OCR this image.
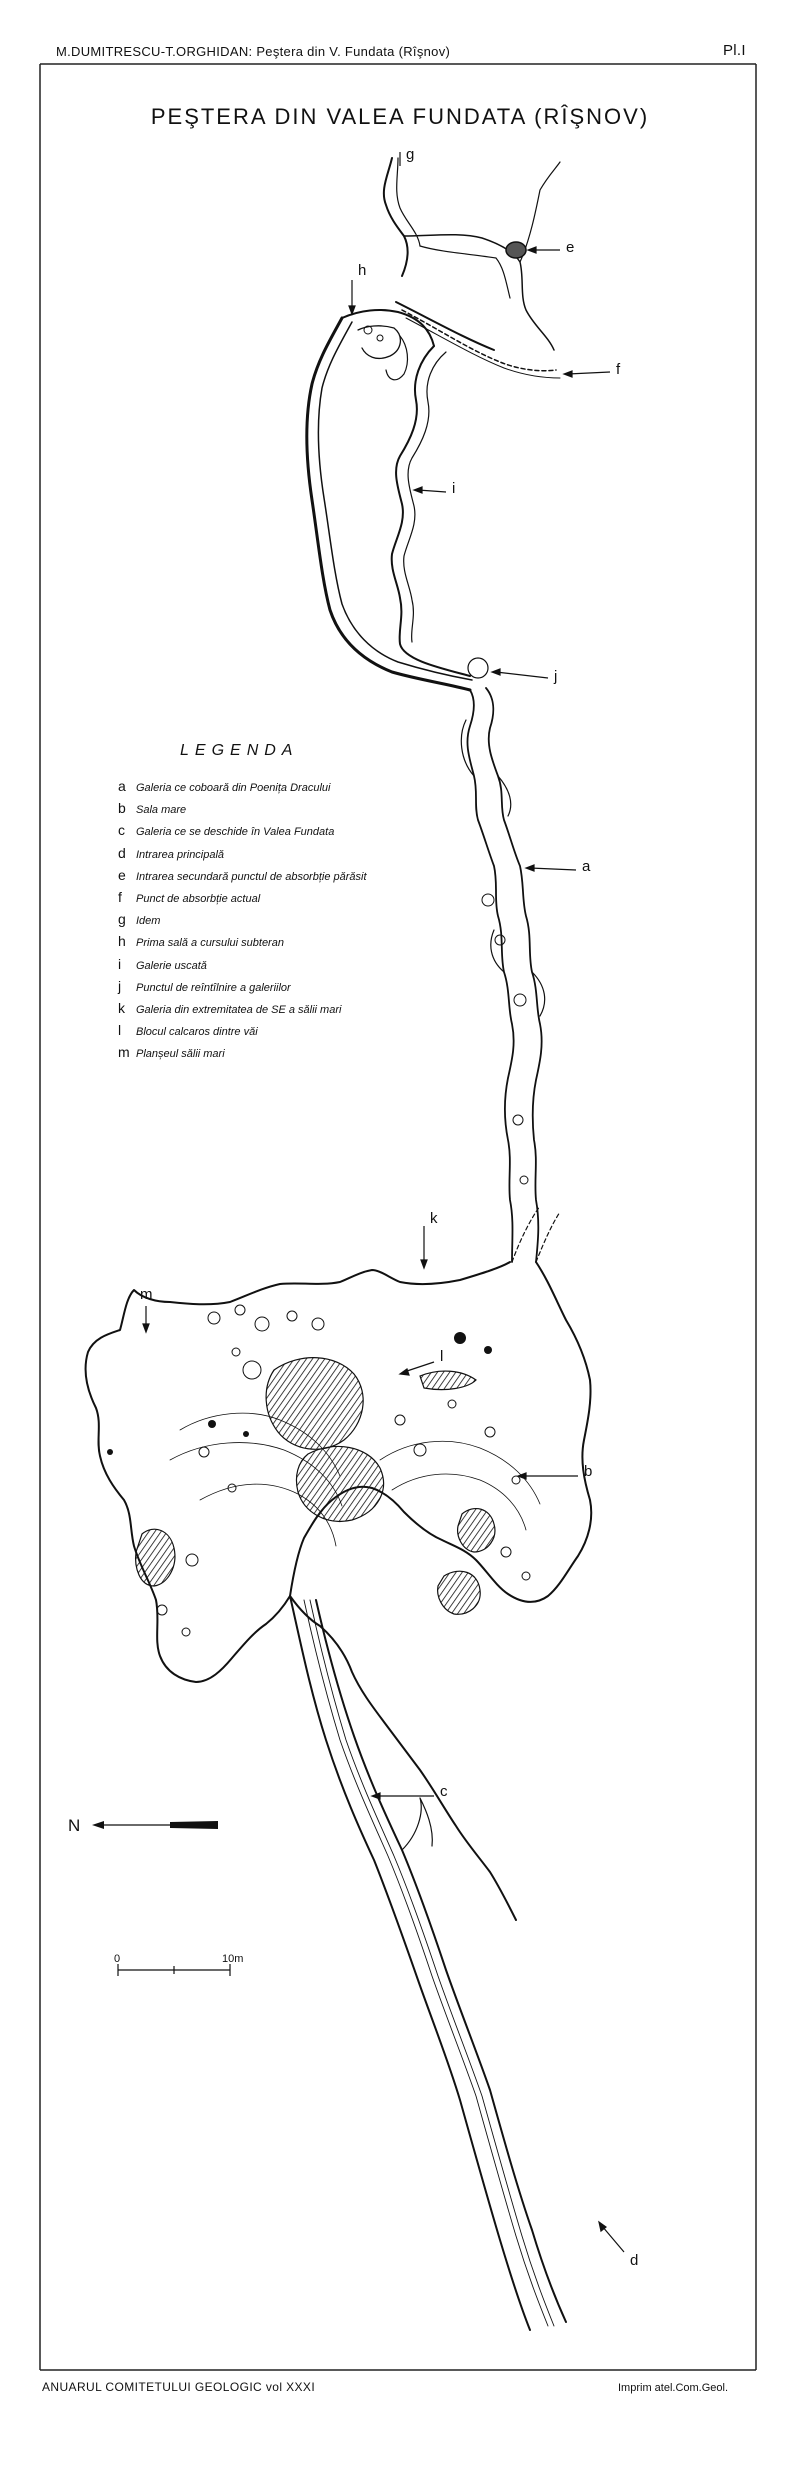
M.DUMITRESCU-T.ORGHIDAN: Peştera din V. Fundata (Rîşnov)	Pl.I
PEŞTERA DIN VALEA FUNDATA (RÎŞNOV)
LEGENDA
a Galeria ce coboară din Poenița Dracului
b Sala mare
c	Galeria ce se deschide în Valea Fundata
d Intrarea principală
e Intrarea secundară punctul de absorbție părăsit
f	Punct de absorbție actual
g Idem
h Prima sală a cursului subteran
i	Galerie uscată
j	Punctul de reîntîlnire a galeriilor
k	Galeria din extremitatea de SE a sălii mari
l	Blocul calcaros dintre văi
m Planșeul sălii mari
g
e
f
h
i
j
a
k
l
m
b
c
d
N
0	10m
ANUARUL COMITETULUI GEOLOGIC vol XXXI	Imprim atel.Com.Geol.
